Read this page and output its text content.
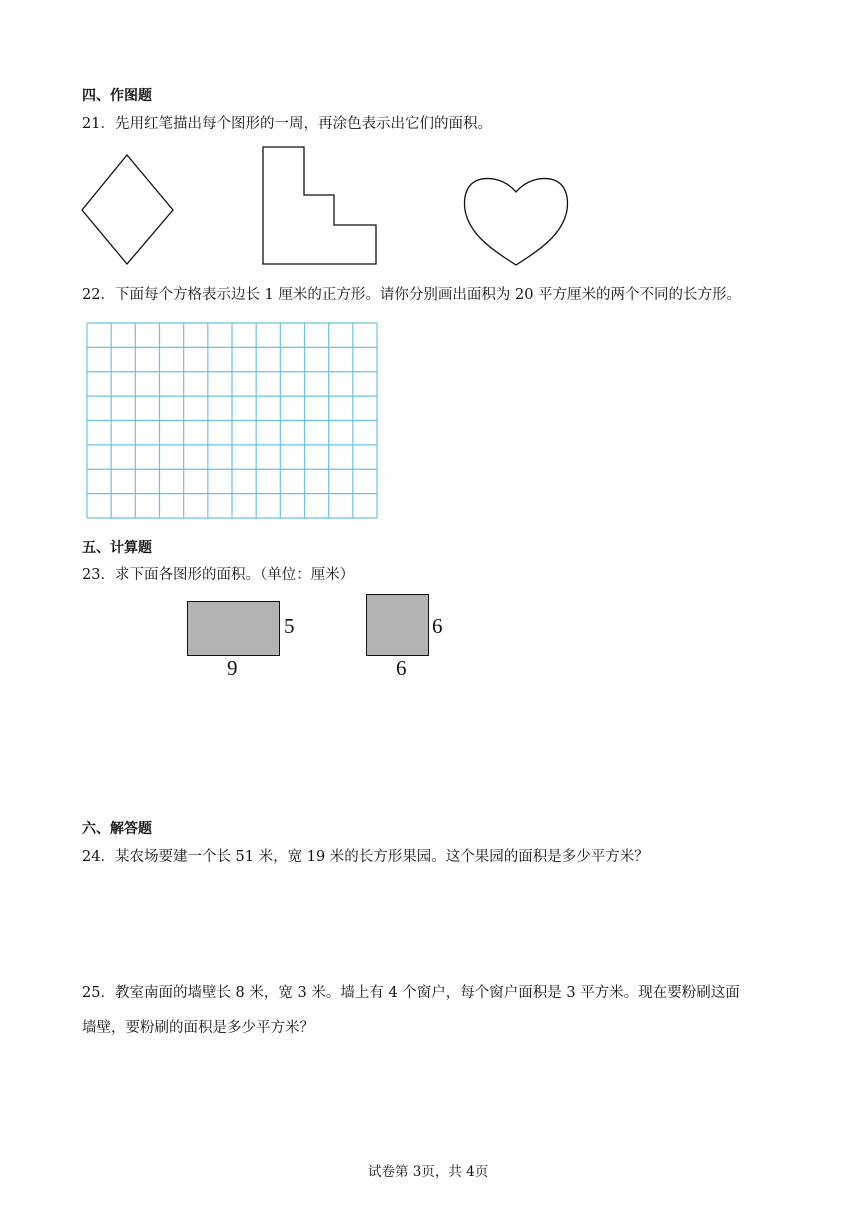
四、作图题
21．先用红笔描出每个图形的一周，再涂色表示出它们的面积。
22．下面每个方格表示边长 1 厘米的正方形。请你分别画出面积为 20 平方厘米的两个不同的长方形。
五、计算题
23．求下面各图形的面积。（单位：厘米）
5
9
6
6
六、解答题
24．某农场要建一个长 51 米，宽 19 米的长方形果园。这个果园的面积是多少平方米？
25．教室南面的墙壁长 8 米，宽 3 米。墙上有 4 个窗户，每个窗户面积是 3 平方米。现在要粉刷这面
墙壁，要粉刷的面积是多少平方米？
试卷第 3页，共 4页
